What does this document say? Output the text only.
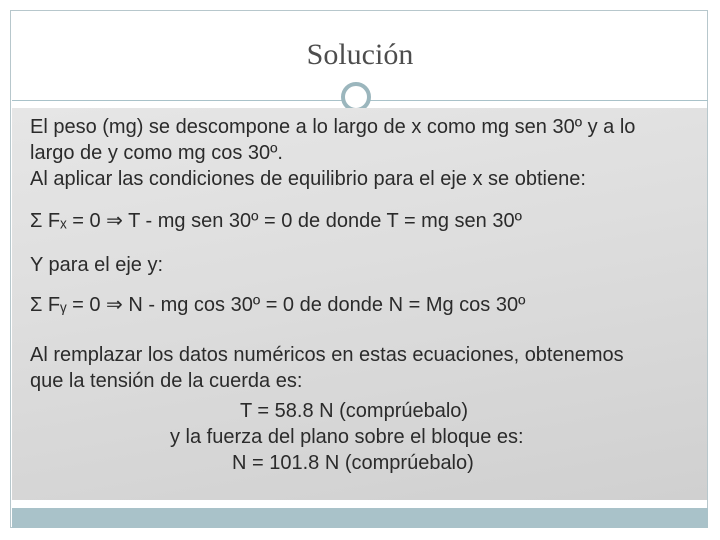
Solución
El peso (mg) se descompone a lo largo de x como mg sen 30º y a lo
largo de y como mg cos 30º.
Al aplicar las condiciones de equilibrio para el eje x se obtiene:
Σ Fₓ = 0 ⇒ T - mg sen 30º = 0 de donde T = mg sen 30º
Y para el eje y:
Σ Fᵧ = 0 ⇒ N - mg cos 30º = 0 de donde N = Mg cos 30º
Al remplazar los datos numéricos en estas ecuaciones, obtenemos
que la tensión de la cuerda es:
T = 58.8 N (comprúebalo)
y la fuerza del plano sobre el bloque es:
N = 101.8 N (comprúebalo)
